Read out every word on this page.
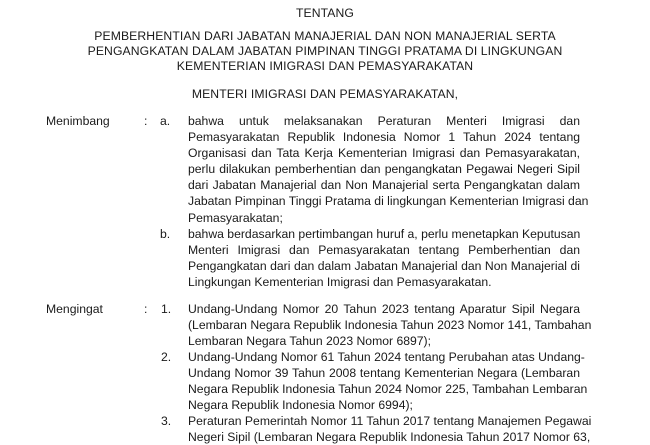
TENTANG
PEMBERHENTIAN DARI JABATAN MANAJERIAL DAN NON MANAJERIAL SERTA
PENGANGKATAN DALAM JABATAN PIMPINAN TINGGI PRATAMA DI LINGKUNGAN
KEMENTERIAN IMIGRASI DAN PEMASYARAKATAN
MENTERI IMIGRASI DAN PEMASYARAKATAN,
Menimbang	: a. bahwa untuk melaksanakan Peraturan Menteri Imigrasi dan
Pemasyarakatan Republik Indonesia Nomor 1 Tahun 2024 tentang
Organisasi dan Tata Kerja Kementerian Imigrasi dan Pemasyarakatan,
perlu dilakukan pemberhentian dan pengangkatan Pegawai Negeri Sipil
dari Jabatan Manajerial dan Non Manajerial serta Pengangkatan dalam
Jabatan Pimpinan Tinggi Pratama di lingkungan Kementerian Imigrasi dan
Pemasyarakatan;

b. bahwa berdasarkan pertimbangan huruf a, perlu menetapkan Keputusan
Menteri Imigrasi dan Pemasyarakatan tentang Pemberhentian dan
Pengangkatan dari dan dalam Jabatan Manajerial dan Non Manajerial di
Lingkungan Kementerian Imigrasi dan Pemasyarakatan.

Mengingat	: 1. Undang-Undang Nomor 20 Tahun 2023 tentang Aparatur Sipil Negara
(Lembaran Negara Republik Indonesia Tahun 2023 Nomor 141, Tambahan
Lembaran Negara Tahun 2023 Nomor 6897);

2. Undang-Undang Nomor 61 Tahun 2024 tentang Perubahan atas Undang-
Undang Nomor 39 Tahun 2008 tentang Kementerian Negara (Lembaran
Negara Republik Indonesia Tahun 2024 Nomor 225, Tambahan Lembaran
Negara Republik Indonesia Nomor 6994);

3. Peraturan Pemerintah Nomor 11 Tahun 2017 tentang Manajemen Pegawai
Negeri Sipil (Lembaran Negara Republik Indonesia Tahun 2017 Nomor 63,
